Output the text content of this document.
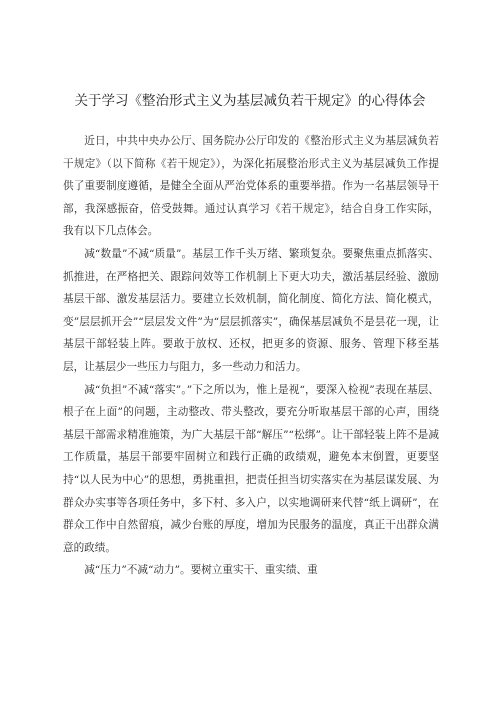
关于学习《整治形式主义为基层减负若干规定》的心得体会

近日，中共中央办公厅、国务院办公厅印发的《整治形式主义为基层减负若干规定》（以下简称《若干规定》），为深化拓展整治形式主义为基层减负工作提供了重要制度遵循，是健全全面从严治党体系的重要举措。作为一名基层领导干部，我深感振奋，倍受鼓舞。通过认真学习《若干规定》，结合自身工作实际，我有以下几点体会。

减“数量”不减“质量”。基层工作千头万绪、繁琐复杂。要聚焦重点抓落实、抓推进，在严格把关、跟踪问效等工作机制上下更大功夫，激活基层经验、激励基层干部、激发基层活力。要建立长效机制，简化制度、简化方法、简化模式，变”层层抓开会”“层层发文件”为“层层抓落实”，确保基层减负不是昙花一现，让基层干部轻装上阵。要敢于放权、还权，把更多的资源、服务、管理下移至基层，让基层少一些压力与阻力，多一些动力和活力。

减“负担”不减“落实”。”下之所以为，惟上是视“，要深入检视”表现在基层、根子在上面”的问题，主动整改、带头整改，要充分听取基层干部的心声，围绕基层干部需求精准施策，为广大基层干部“解压”“松绑”。让干部轻装上阵不是减工作质量，基层干部要牢固树立和践行正确的政绩观，避免本末倒置，更要坚持“以人民为中心”的思想，勇挑重担，把责任担当切实落实在为基层谋发展、为群众办实事等各项任务中，多下村、多入户，以实地调研来代替“纸上调研”，在群众工作中自然留痕，减少台账的厚度，增加为民服务的温度，真正干出群众满意的政绩。

减“压力”不减“动力”。要树立重实干、重实绩、重
